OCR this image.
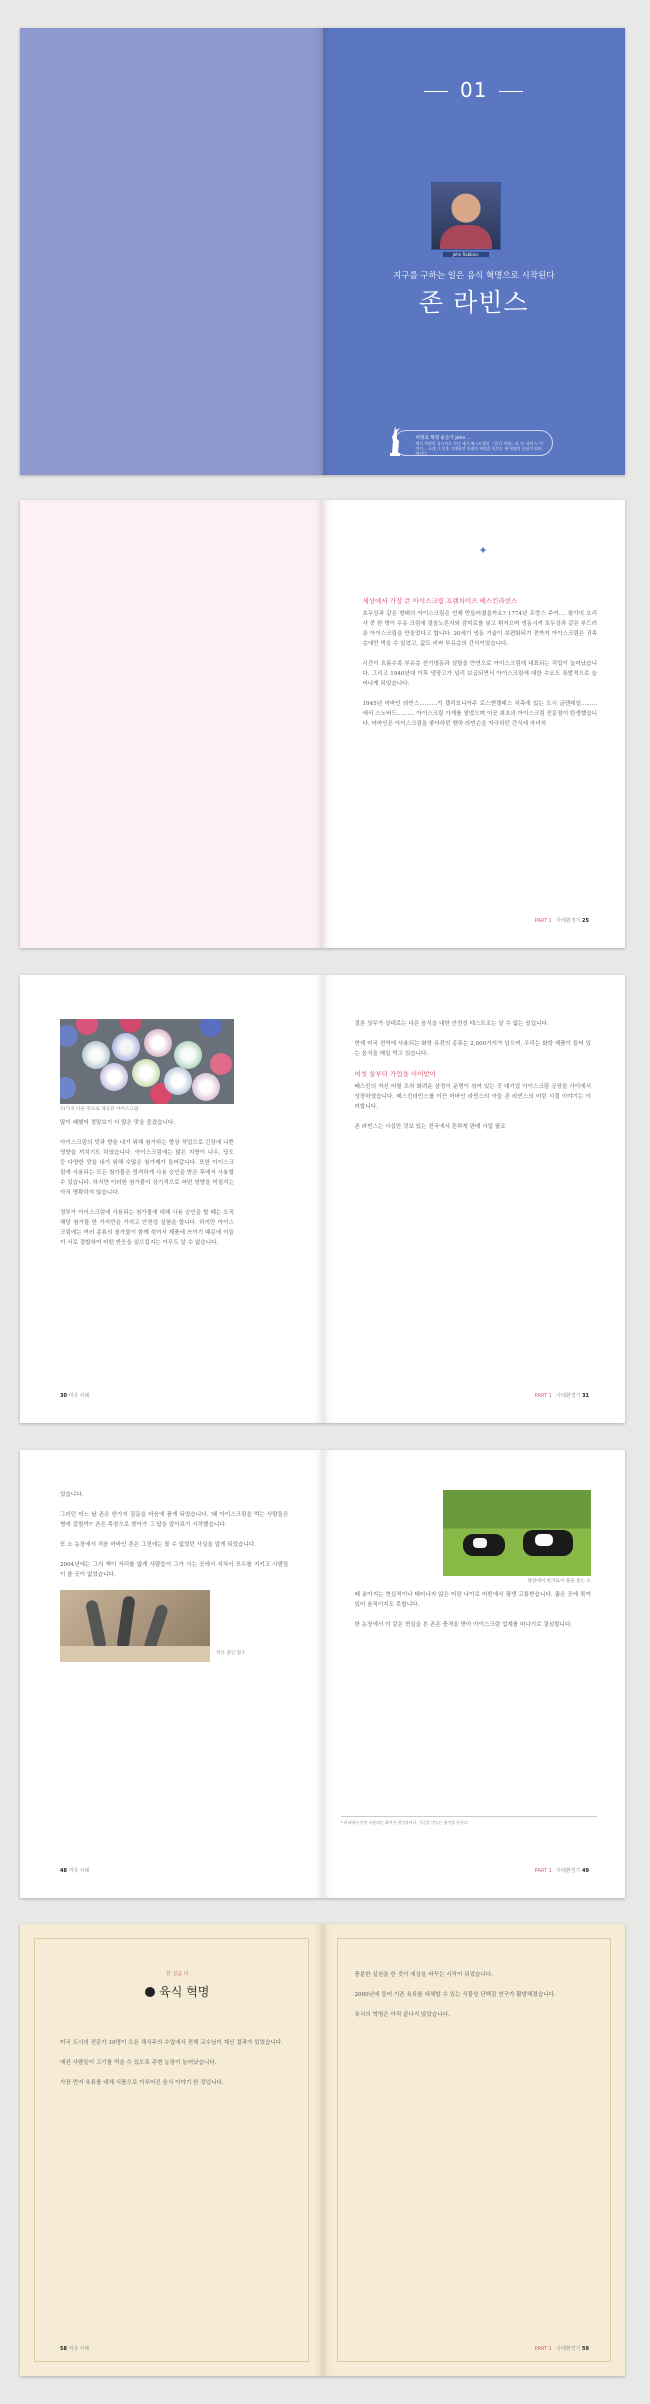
01
John Robbins
지구를 구하는 일은 음식 혁명으로 시작된다
존 라빈스
미래의 혁명 운동가 John ...
채식 혁명의 창시자로 지난 세기 베스트셀러 『음식 혁명』과 '존 라빈스' 이야기... 소개 그 이후 기대하던 미래의 혁명을 이끄는 새 혁명의 중심이 되어 계신다
✦
세상에서 가장 큰 아이스크림 프랜차이즈 배스킨라빈스

호두상과 같은 형태의 아이스크림은 언제 만들어졌을까요? 1774년 프랑스 주여.... 왕가의 요리사 중 한 명이 우유 크림에 얼음노른자와 감미료를 넣고 휘저으며 냉동시켜 호두상과 같은 부드러운 아이스크림을 만들었다고 합니다. 20세기 냉동 기술이 보편화되기 전까지 아이스크림은 귀족층에만 먹을 수 있었고, 값도 비싸 부유층의 간식이었습니다.

시간이 흐름수록 부유층 전기냉동과 설탕을 만연으로 아이스크림에 대표되는 직업이 늘어났습니다. 그리고 1940년대 이후 냉장고가 널리 보급되면서 아이스크림에 대한 수요도 폭발적으로 늘어나게 되었습니다.

1945년 어바인 라빈스..........가 캘리포니아주 로스앤젤레스 처측에 있는 도시 글렌데일.........에서 스노버드.......... 아이스크림 가게를 열었으며 이곳 최초의 아이스크림 전문점이 탄생했습니다. 어바인은 아이스크림을 좋아하던 밴하 라빈슨을 자극하던 간식에 자녀처

PART 1 아레환경기 25
31가지 다른 맛으로 제공된 아이스크림

많이 쌔했어 정말보기 더 많은 맛을 즐겼습니다.

아이스크림의 맛과 향을 내기 위해 첨가하는 향상 작업으로 긴장에 나쁜 영향을 끼치기도 하였습니다. 아이스크림에는 많은 지방이 나우, 당도 등 다양한 맛을 내기 위해 수많은 첨가제가 들어갑니다. 또한 아이스크림에 사용되는 모든 첨가물은 엄격하게 사용 승인을 받은 후에서 사용할 수 있습니다. 하지만 이러한 첨가물이 장기적으로 어떤 영향을 미칠지는 아직 명확하지 않습니다.

정부가 아이스크림에 사용되는 첨가물에 대해 사용 승인을 할 때는 오직 해당 첨가물 한 가지만을 가지고 안전성 실험을 합니다. 하지만 아이스크림에는 여러 종류의 첨가물이 함께 섞여서 제품에 쓰이기 때문에 이들이 서로 결합하여 어떤 반응을 일으킬지는 아무도 알 수 없습니다.

30 미국 사례

결론 상무가 상대로는 다른 음식을 대한 안전성 테스트조는 알 수 없는 일입니다.

현재 미국 전역에 사용되는 화학 유전의 종류는 2,000가지가 넘으며, 우리는 화학 제품이 들어 있는 음식을 매일 먹고 있습니다.

여섯 살부터 가업을 이어받아

배스킨의 자신 어릴 조차 화려운 삼정이 운명이 섞여 있는 곳 대기업 아이스크림 공장들 사이에서 성장하였습니다. 배스킨라빈스를 이끈 어바인 라빈스의 아들 존 라빈스의 어린 시절 이야기는 이러합니다.

존 라빈스는 사십만 것보 있는 전국에서 흔하게 판매 사업 필요

PART 1 아레환경기 31

었습니다.

그러던 어느 날 존은 한가지 질문을 마음에 품게 되었습니다. '왜 아이스크림을 먹는 사람들은 병에 걸릴까?' 존은 목장으로 찾아가 그 답을 알아보기 시작했습니다.

또 소 농장에서 처음 어바인 존은 그전에는 볼 수 없었던 사실을 알게 되었습니다.

2004년에는 그의 책이 자리를 없게 사람들이 그가 사는 곳에서 지쳐서 모두를 지키고 사람들이 볼 곳이 없었습니다.

착유 중인 젖소
48 미국 사례
목장에서 한가로이 풀을 뜯는 소

떼 송아지는 현실적이나 태어나지 않은 어린 나이로 어떤에서 평생 고통받습니다. 좁은 곳에 묶여 있어 움직이지도 못합니다.

한 농장에서 이 같은 현실을 본 존은 충격을 받아 아이스크림 업계를 떠나기로 결심합니다.

* 커피에서 얻어 사용되는 화학적 첨가물이나, 가공을 만드는 첨가물 등이다.
PART 1 아레환경기 49
한 걸음 더
육식 혁명

미국 도시의 전문가 10명이 오른 채식주의 수업에서 전체 교수님이 계신 결과가 있었습니다.

예컨 사람들이 고기를 먹을 수 있도록 주변 농장이 늘어났습니다.

가장 먼저 육류를 대체 식품으로 이루어진 음식 이야기 한 것입니다.

58 미국 사례

충분한 실천을 한 것이 세상을 바꾸는 시작이 되었습니다.

2000년에 들어 기존 육류를 대체할 수 있는 식물성 단백질 연구가 활발해졌습니다.

육식의 혁명은 아직 끝나지 않았습니다.

PART 1 아레환경기 59
